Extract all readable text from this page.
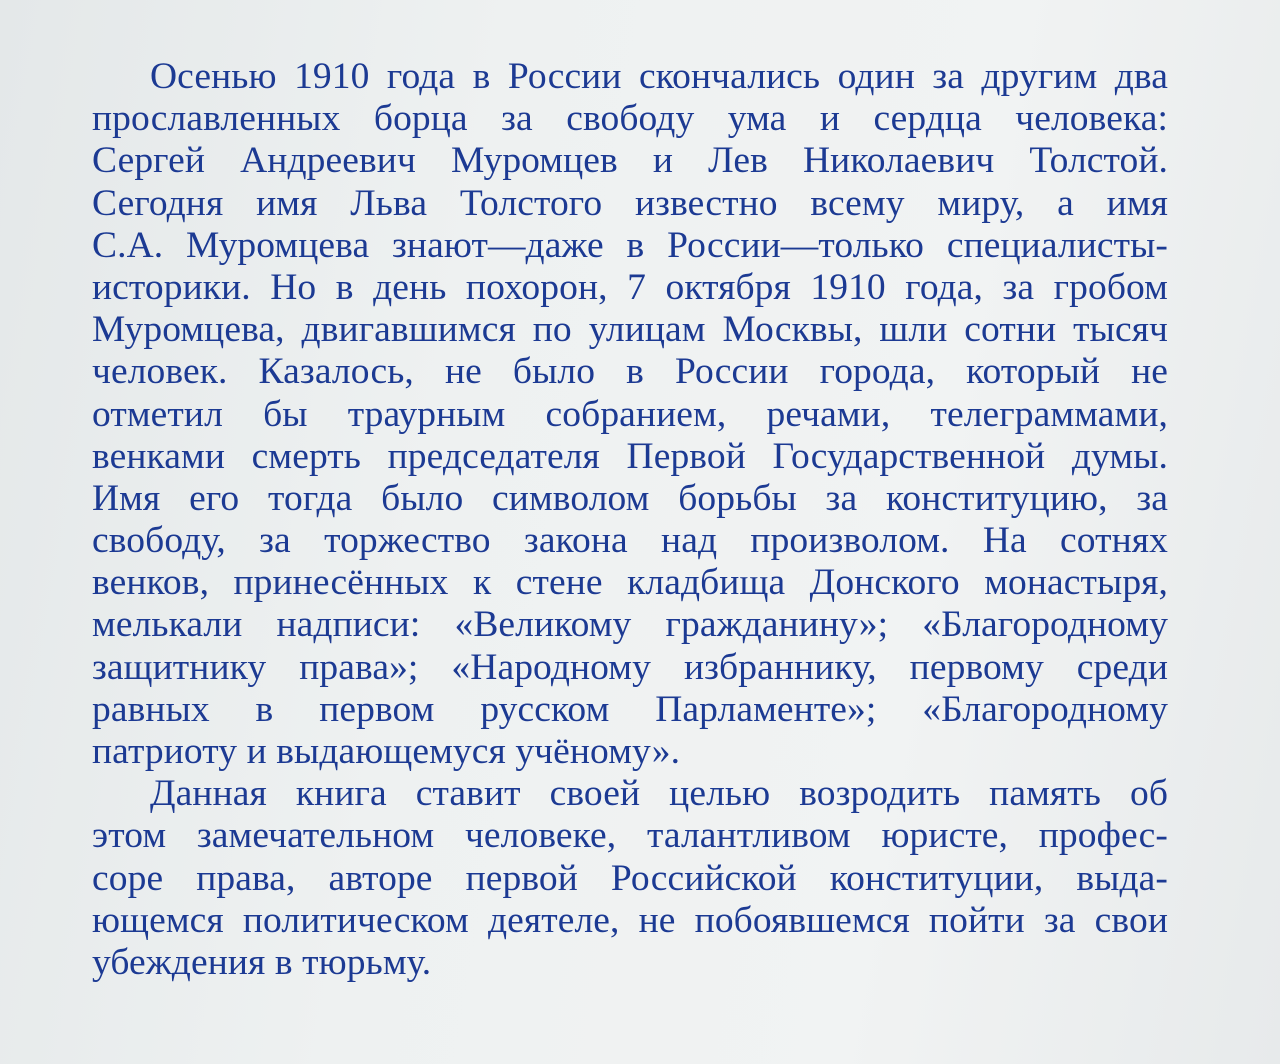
Осенью 1910 года в России скончались один за другим два
прославленных борца за свободу ума и сердца человека:
Сергей Андреевич Муромцев и Лев Николаевич Толстой.
Сегодня имя Льва Толстого известно всему миру, а имя
С.А. Муромцева знают—даже в России—только специалисты-
историки. Но в день похорон, 7 октября 1910 года, за гробом
Муромцева, двигавшимся по улицам Москвы, шли сотни тысяч
человек. Казалось, не было в России города, который не
отметил бы траурным собранием, речами, телеграммами,
венками смерть председателя Первой Государственной думы.
Имя его тогда было символом борьбы за конституцию, за
свободу, за торжество закона над произволом. На сотнях
венков, принесённых к стене кладбища Донского монастыря,
мелькали надписи: «Великому гражданину»; «Благородному
защитнику права»; «Народному избраннику, первому среди
равных в первом русском Парламенте»; «Благородному
патриоту и выдающемуся учёному».
Данная книга ставит своей целью возродить память об
этом замечательном человеке, талантливом юристе, профес-
соре права, авторе первой Российской конституции, выда-
ющемся политическом деятеле, не побоявшемся пойти за свои
убеждения в тюрьму.
